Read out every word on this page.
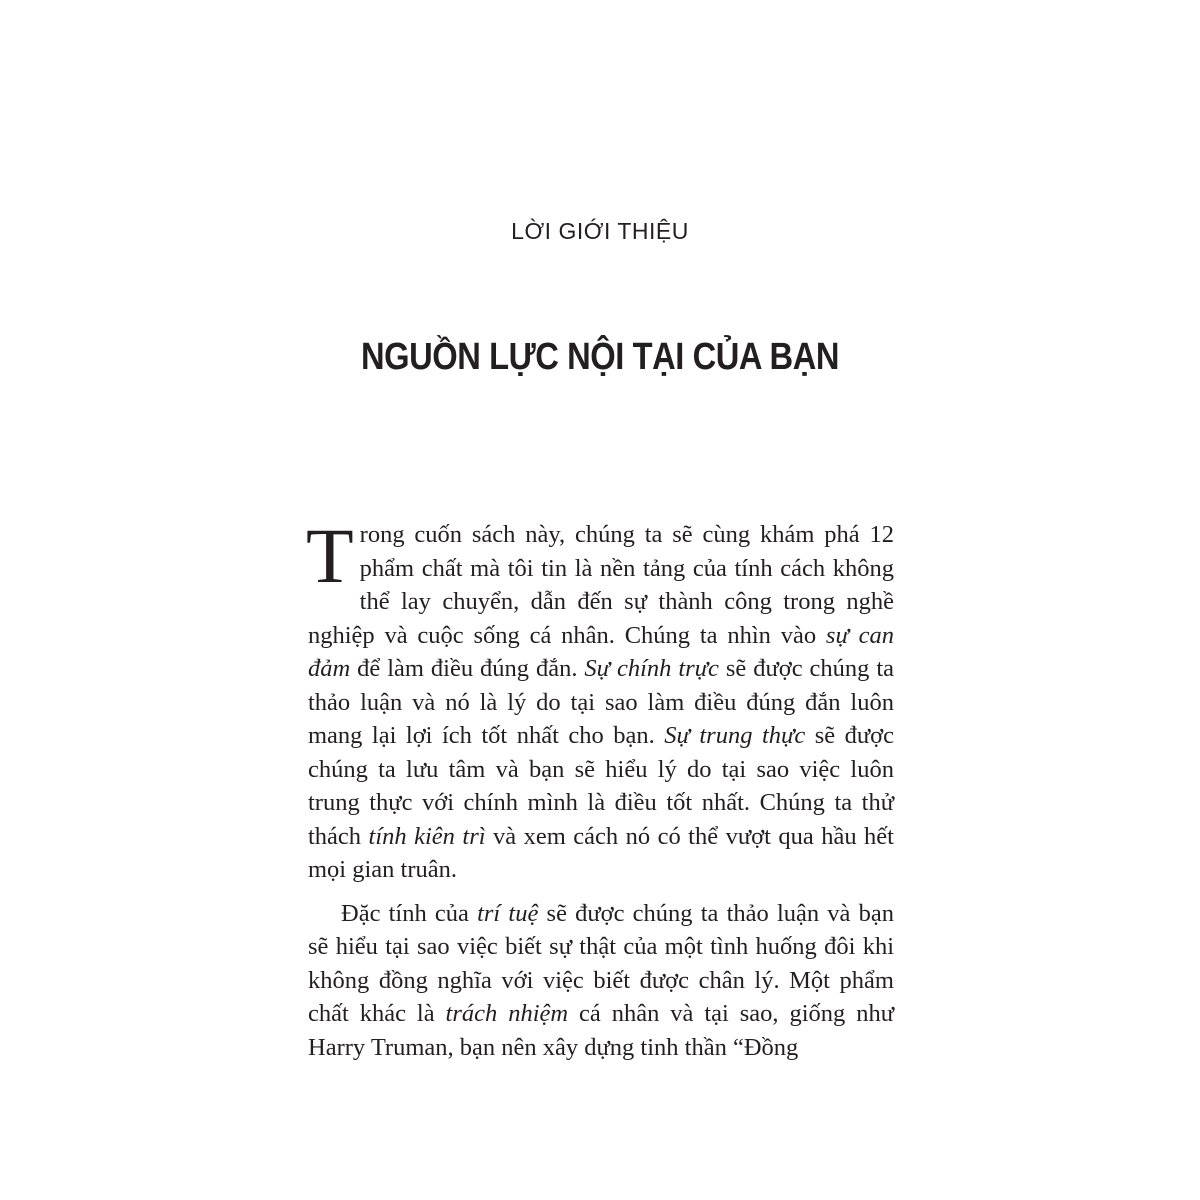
LỜI GIỚI THIỆU
NGUỒN LỰC NỘI TẠI CỦA BẠN

Trong cuốn sách này, chúng ta sẽ cùng khám phá 12 phẩm chất mà tôi tin là nền tảng của tính cách không thể lay chuyển, dẫn đến sự thành công trong nghề nghiệp và cuộc sống cá nhân. Chúng ta nhìn vào sự can đảm để làm điều đúng đắn. Sự chính trực sẽ được chúng ta thảo luận và nó là lý do tại sao làm điều đúng đắn luôn mang lại lợi ích tốt nhất cho bạn. Sự trung thực sẽ được chúng ta lưu tâm và bạn sẽ hiểu lý do tại sao việc luôn trung thực với chính mình là điều tốt nhất. Chúng ta thử thách tính kiên trì và xem cách nó có thể vượt qua hầu hết mọi gian truân.

Đặc tính của trí tuệ sẽ được chúng ta thảo luận và bạn sẽ hiểu tại sao việc biết sự thật của một tình huống đôi khi không đồng nghĩa với việc biết được chân lý. Một phẩm chất khác là trách nhiệm cá nhân và tại sao, giống như Harry Truman, bạn nên xây dựng tinh thần “Đồng
